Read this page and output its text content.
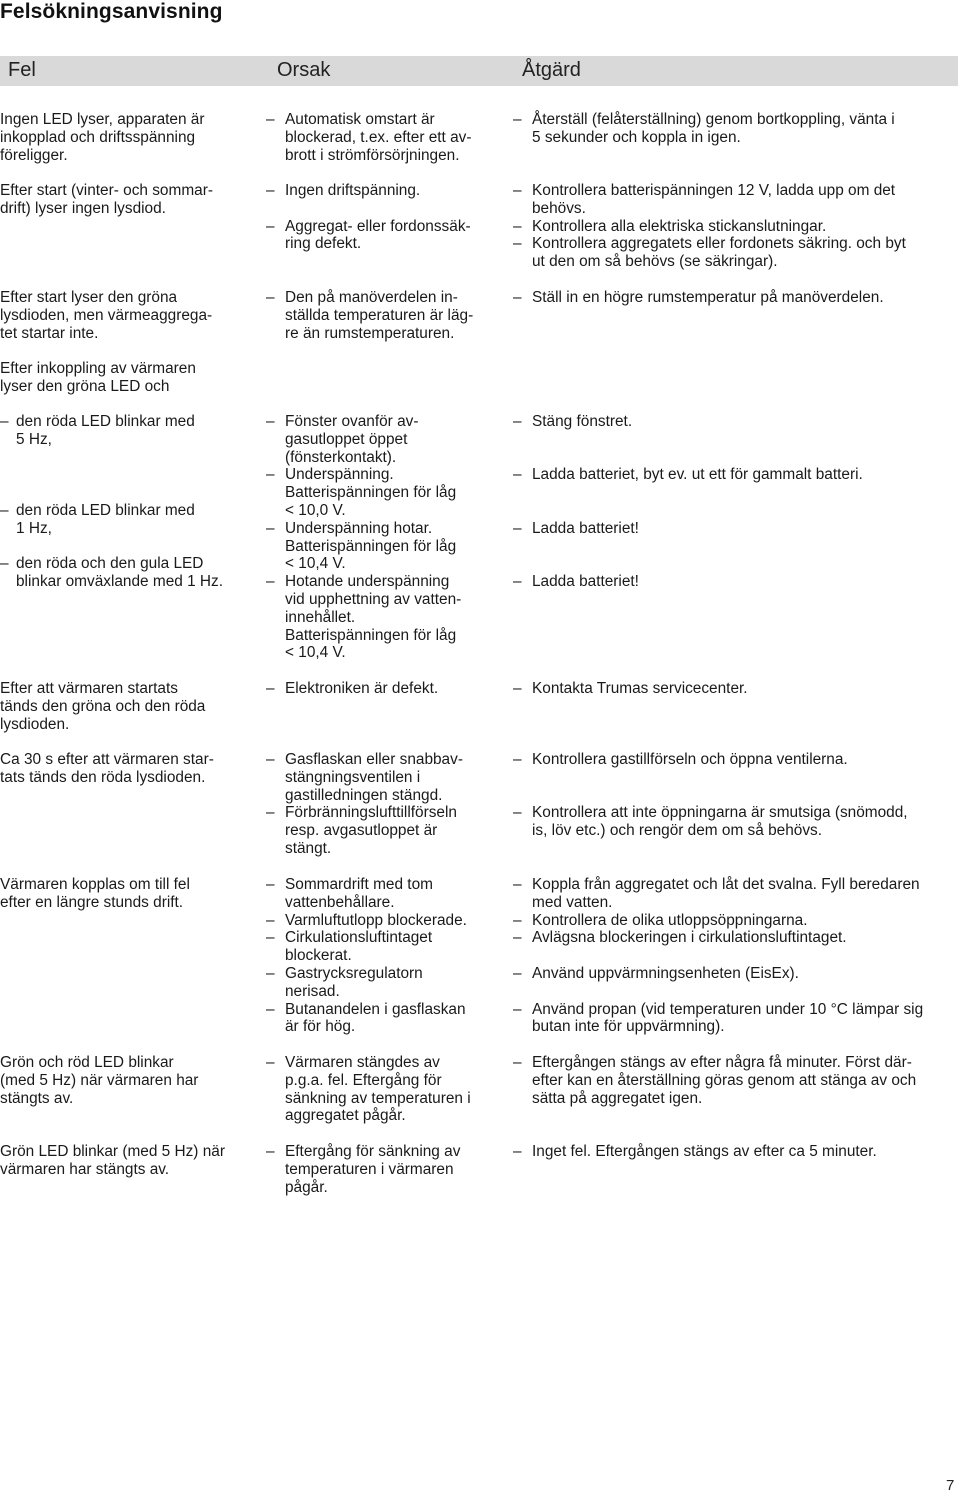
Felsökningsanvisning
Fel	Orsak	Åtgärd
Ingen LED lyser, apparaten är
inkopplad och driftsspänning
föreligger.
– Automatisk omstart är
blockerad, t.ex. efter ett av-
brott i strömförsörjningen.
– Återställ (felåterställning) genom bortkoppling, vänta i
5 sekunder och koppla in igen.
Efter start (vinter- och sommar-
drift) lyser ingen lysdiod.
– Ingen driftspänning.
– Aggregat- eller fordonssäk-
ring defekt.
– Kontrollera batterispänningen 12 V, ladda upp om det
behövs.
– Kontrollera alla elektriska stickanslutningar.
– Kontrollera aggregatets eller fordonets säkring. och byt
ut den om så behövs (se säkringar).
Efter start lyser den gröna
lysdioden, men värmeaggrega-
tet startar inte.
– Den på manöverdelen in-
ställda temperaturen är läg-
re än rumstemperaturen.
– Ställ in en högre rumstemperatur på manöverdelen.
Efter inkoppling av värmaren
lyser den gröna LED och
– den röda LED blinkar med
5 Hz,
– den röda LED blinkar med
1 Hz,
– den röda och den gula LED
blinkar omväxlande med 1 Hz.
– Fönster ovanför av-
gasutloppet öppet
(fönsterkontakt).
– Underspänning.
Batterispänningen för låg
< 10,0 V.
– Underspänning hotar.
Batterispänningen för låg
< 10,4 V.
– Hotande underspänning
vid upphettning av vatten-
innehållet.
Batterispänningen för låg
< 10,4 V.
– Stäng fönstret.
– Ladda batteriet, byt ev. ut ett för gammalt batteri.
– Ladda batteriet!
– Ladda batteriet!
Efter att värmaren startats
tänds den gröna och den röda
lysdioden.
– Elektroniken är defekt.
–	Kontakta Trumas servicecenter.
Ca 30 s efter att värmaren star-
tats tänds den röda lysdioden.
– Gasflaskan eller snabbav-
stängningsventilen i
gastilledningen stängd.
– Förbränningslufttillförseln
resp. avgasutloppet är
stängt.
– Kontrollera gastillförseln och öppna ventilerna.
– Kontrollera att inte öppningarna är smutsiga (snömodd,
is, löv etc.) och rengör dem om så behövs.
Värmaren kopplas om till fel
efter en längre stunds drift.
– Sommardrift med tom
vattenbehållare.
– Varmluftutlopp blockerade.
– Cirkulationsluftintaget
blockerat.
– Gastrycksregulatorn
nerisad.
– Butanandelen i gasflaskan
är för hög.
– Koppla från aggregatet och låt det svalna. Fyll beredaren
med vatten.
– Kontrollera de olika utloppsöppningarna.
– Avlägsna blockeringen i cirkulationsluftintaget.
– Använd uppvärmningsenheten (EisEx).
– Använd propan (vid temperaturen under 10 °C lämpar sig
butan inte för uppvärmning).
Grön och röd LED blinkar
(med 5 Hz) när värmaren har
stängts av.
– Värmaren stängdes av
p.g.a. fel. Eftergång för
sänkning av temperaturen i
aggregatet pågår.
– Eftergången stängs av efter några få minuter. Först där-
efter kan en återställning göras genom att stänga av och
sätta på aggregatet igen.
Grön LED blinkar (med 5 Hz) när
värmaren har stängts av.
– Eftergång för sänkning av
temperaturen i värmaren
pågår.
– Inget fel. Eftergången stängs av efter ca 5 minuter.
7
